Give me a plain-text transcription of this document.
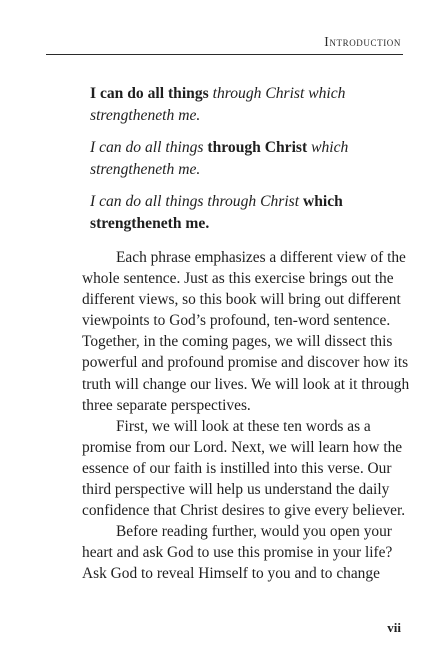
Introduction

I can do all things through Christ which
strengtheneth me.

I can do all things through Christ which
strengtheneth me.

I can do all things through Christ which
strengtheneth me.

Each phrase emphasizes a different view of the
whole sentence. Just as this exercise brings out the
different views, so this book will bring out different
viewpoints to God’s profound, ten-word sentence.
Together, in the coming pages, we will dissect this
powerful and profound promise and discover how its
truth will change our lives. We will look at it through
three separate perspectives.

First, we will look at these ten words as a
promise from our Lord. Next, we will learn how the
essence of our faith is instilled into this verse. Our
third perspective will help us understand the daily
confidence that Christ desires to give every believer.

Before reading further, would you open your
heart and ask God to use this promise in your life?
Ask God to reveal Himself to you and to change

vii
